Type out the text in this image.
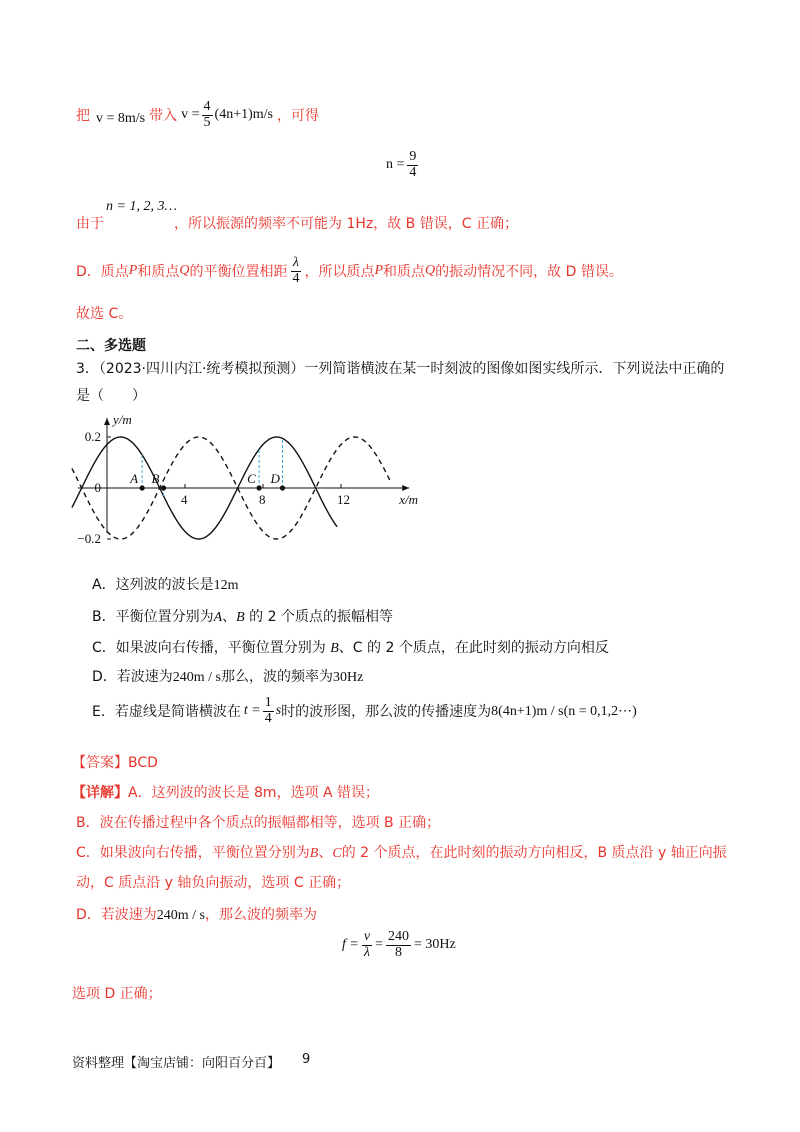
把 v = 8m/s 带入 $v = \frac{4}{5} (4n+1)m/s$ ，可得
$n = \frac{9}{4}$
由于
n = 1, 2, 3…
，所以振源的频率不可能为 1Hz，故 B 错误，C 正确；
D．质点 P 和质点 Q 的平衡位置相距 $\frac{\lambda}{4}$ ，所以质点 P 和质点 Q 的振动情况不同，故 D 错误。
故选 C。
二、多选题
3．（2023·四川内江·统考模拟预测）一列简谐横波在某一时刻波的图像如图实线所示．下列说法中正确的
是（　　）
y/m
x/m
0.2
0
−0.2
4	8	12
A B	C D
A．这列波的波长是12m
B．平衡位置分别为A、B 的 2 个质点的振幅相等
C．如果波向右传播，平衡位置分别为 B、C 的 2 个质点，在此时刻的振动方向相反
D．若波速为240m / s那么，波的频率为30Hz
E．若虚线是简谐横波在 $t = \frac{1}{4}$ s 时的波形图，那么波的传播速度为 8(4n+1)m / s(n = 0,1,2⋯)
【答案】BCD
【详解】A．这列波的波长是 8m，选项 A 错误；
B．波在传播过程中各个质点的振幅都相等，选项 B 正确；
C．如果波向右传播，平衡位置分别为B、C的 2 个质点，在此时刻的振动方向相反，B 质点沿 y 轴正向振
动，C 质点沿 y 轴负向振动，选项 C 正确；
D．若波速为240m / s，那么波的频率为
$f = \frac{v}{\lambda} = \frac{240}{8} = 30Hz$
选项 D 正确；
资料整理【淘宝店铺：向阳百分百】 9
